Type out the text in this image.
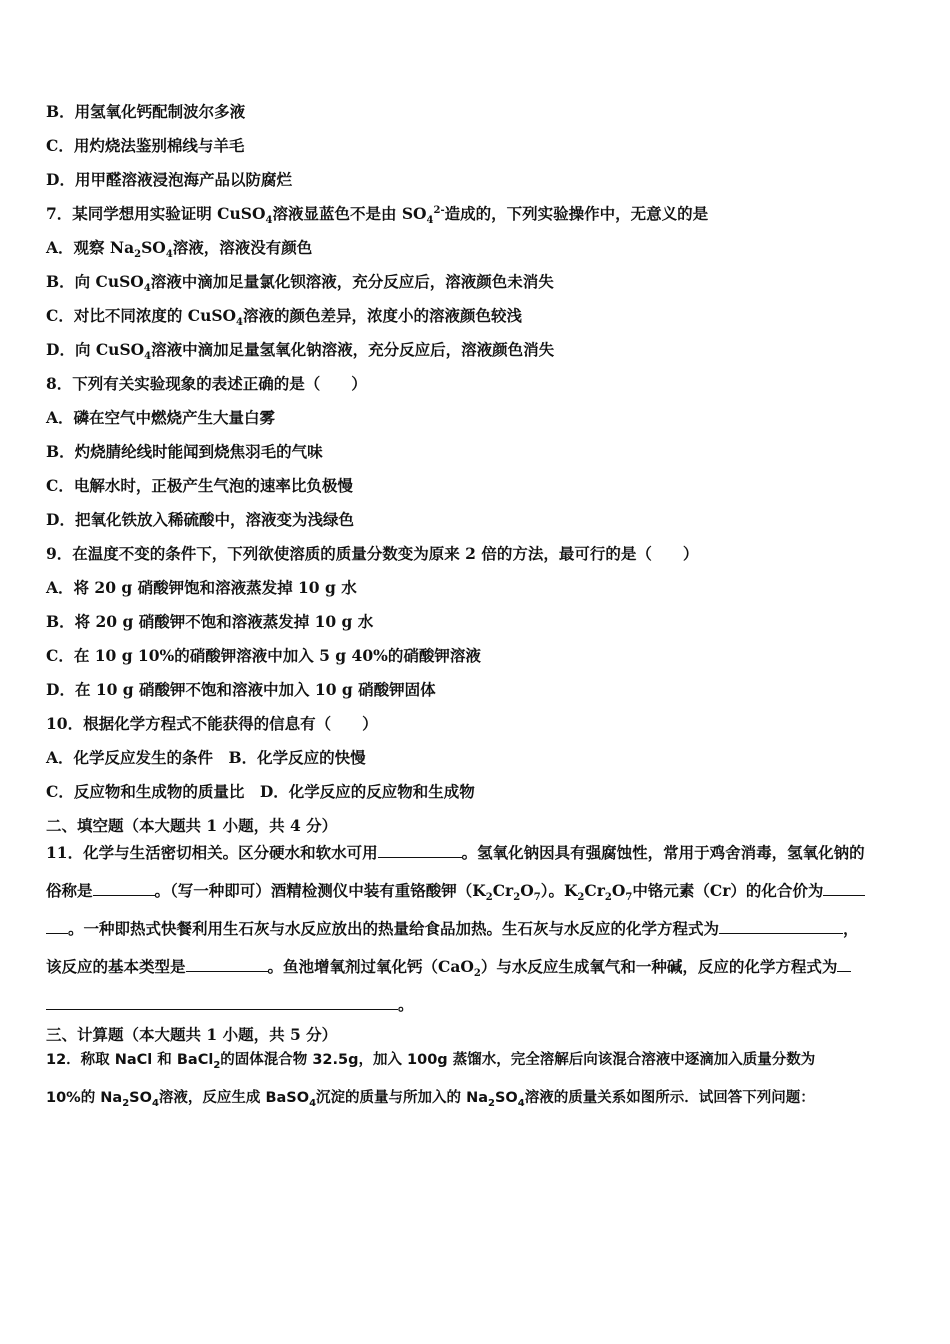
B．用氢氧化钙配制波尔多液
C．用灼烧法鉴别棉线与羊毛
D．用甲醛溶液浸泡海产品以防腐烂
7．某同学想用实验证明 CuSO$_4$溶液显蓝色不是由 $SO_4^{2-}$造成的，下列实验操作中，无意义的是
A．观察 $Na_2SO_4$溶液，溶液没有颜色
B．向 CuSO$_4$溶液中滴加足量氯化钡溶液，充分反应后，溶液颜色未消失
C．对比不同浓度的 CuSO$_4$溶液的颜色差异，浓度小的溶液颜色较浅
D．向 CuSO$_4$溶液中滴加足量氢氧化钠溶液，充分反应后，溶液颜色消失
8．下列有关实验现象的表述正确的是（　　）
A．磷在空气中燃烧产生大量白雾
B．灼烧腈纶线时能闻到烧焦羽毛的气味
C．电解水时，正极产生气泡的速率比负极慢
D．把氧化铁放入稀硫酸中，溶液变为浅绿色
9．在温度不变的条件下，下列欲使溶质的质量分数变为原来 2 倍的方法，最可行的是（　　）
A．将 20 g 硝酸钾饱和溶液蒸发掉 10 g 水
B．将 20 g 硝酸钾不饱和溶液蒸发掉 10 g 水
C．在 10 g 10%的硝酸钾溶液中加入 5 g 40%的硝酸钾溶液
D．在 10 g 硝酸钾不饱和溶液中加入 10 g 硝酸钾固体
10．根据化学方程式不能获得的信息有（　　）
A．化学反应发生的条件　B．化学反应的快慢
C．反应物和生成物的质量比　D．化学反应的反应物和生成物
二、填空题（本大题共 1 小题，共 4 分）
11．化学与生活密切相关。区分硬水和软水可用	。氢氧化钠因具有强腐蚀性，常用于鸡舍消毒，氢氧化钠的
俗称是	。（写一种即可）酒精检测仪中装有重铬酸钾$(K_2Cr_2O_7)$。$K_2Cr_2O_7$中铬元素（Cr）的化合价为
。一种即热式快餐利用生石灰与水反应放出的热量给食品加热。生石灰与水反应的化学方程式为	，
该反应的基本类型是	。鱼池增氧剂过氧化钙（CaO$_2$）与水反应生成氧气和一种碱，反应的化学方程式为
。
三、计算题（本大题共 1 小题，共 5 分）
12．称取 NaCl 和 BaCl$_2$的固体混合物 32.5g，加入 100g 蒸馏水，完全溶解后向该混合溶液中逐滴加入质量分数为
10%的 $Na_2SO_4$溶液，反应生成 BaSO$_4$沉淀的质量与所加入的 $Na_2SO_4$溶液的质量关系如图所示．试回答下列问题：
